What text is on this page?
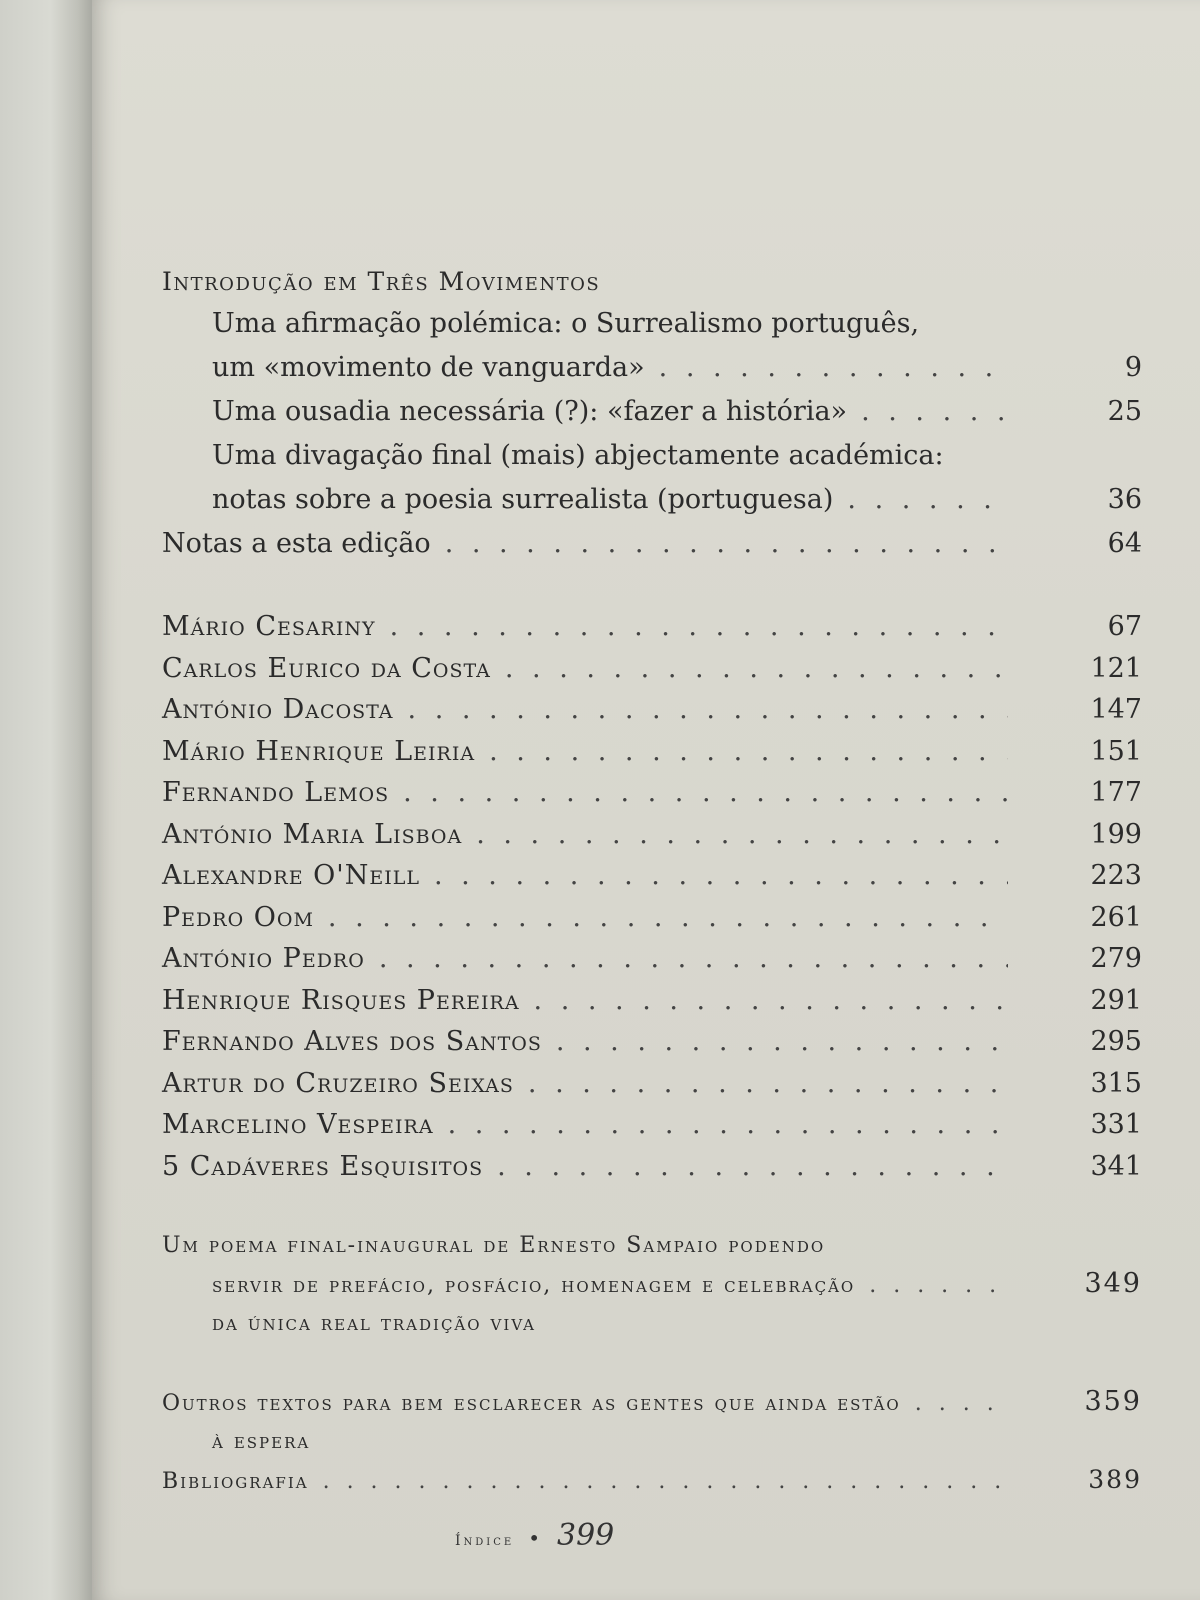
Introdução em Três Movimentos
Uma afirmação polémica: o Surrealismo português,
um «movimento de vanguarda» . . .	9
Uma ousadia necessária (?): «fazer a história» . . .	25
Uma divagação final (mais) abjectamente académica:
notas sobre a poesia surrealista (portuguesa) . . .	36
Notas a esta edição . . .	64
Mário Cesariny . . .	67
Carlos Eurico da Costa . . .	121
António Dacosta . . .	147
Mário Henrique Leiria . . .	151
Fernando Lemos . . .	177
António Maria Lisboa . . .	199
Alexandre O'Neill . . .	223
Pedro Oom . . .	261
António Pedro . . .	279
Henrique Risques Pereira . . .	291
Fernando Alves dos Santos . . .	295
Artur do Cruzeiro Seixas . . .	315
Marcelino Vespeira . . .	331
5 Cadáveres Esquisitos . . .	341
Um poema final-inaugural de Ernesto Sampaio podendo
servir de prefácio, posfácio, homenagem e celebração . . .	349
da única real tradição viva
Outros textos para bem esclarecer as gentes que ainda estão . . .	359
à espera
Bibliografia . . .	389
Índice • 399
